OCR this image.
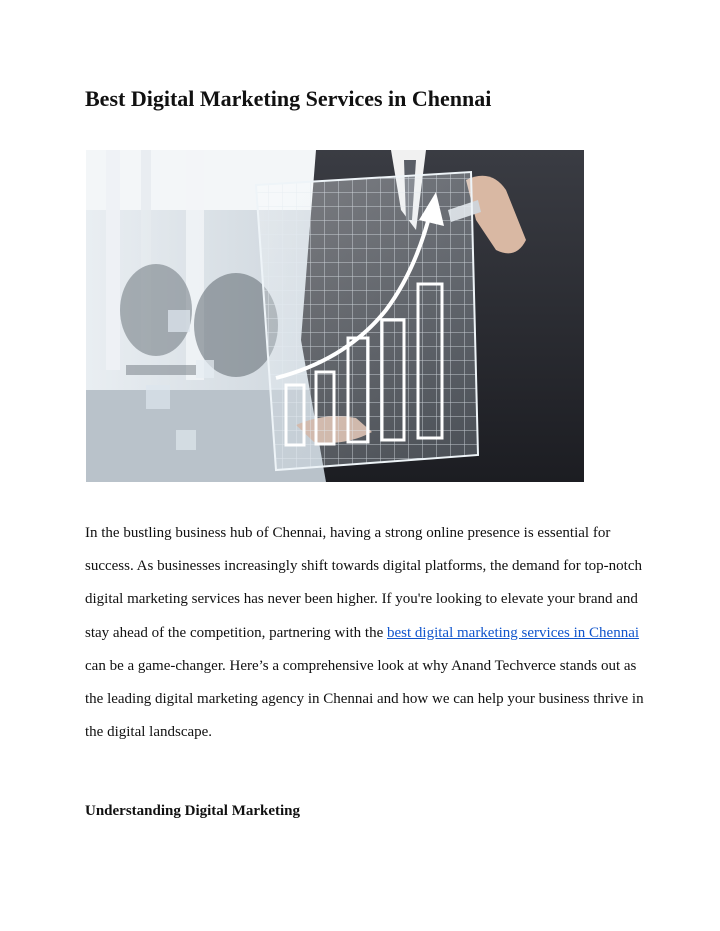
Best Digital Marketing Services in Chennai

In the bustling business hub of Chennai, having a strong online presence is essential for success. As businesses increasingly shift towards digital platforms, the demand for top-notch digital marketing services has never been higher. If you're looking to elevate your brand and stay ahead of the competition, partnering with the best digital marketing services in Chennai can be a game-changer. Here’s a comprehensive look at why Anand Techverce stands out as the leading digital marketing agency in Chennai and how we can help your business thrive in the digital landscape.

Understanding Digital Marketing
